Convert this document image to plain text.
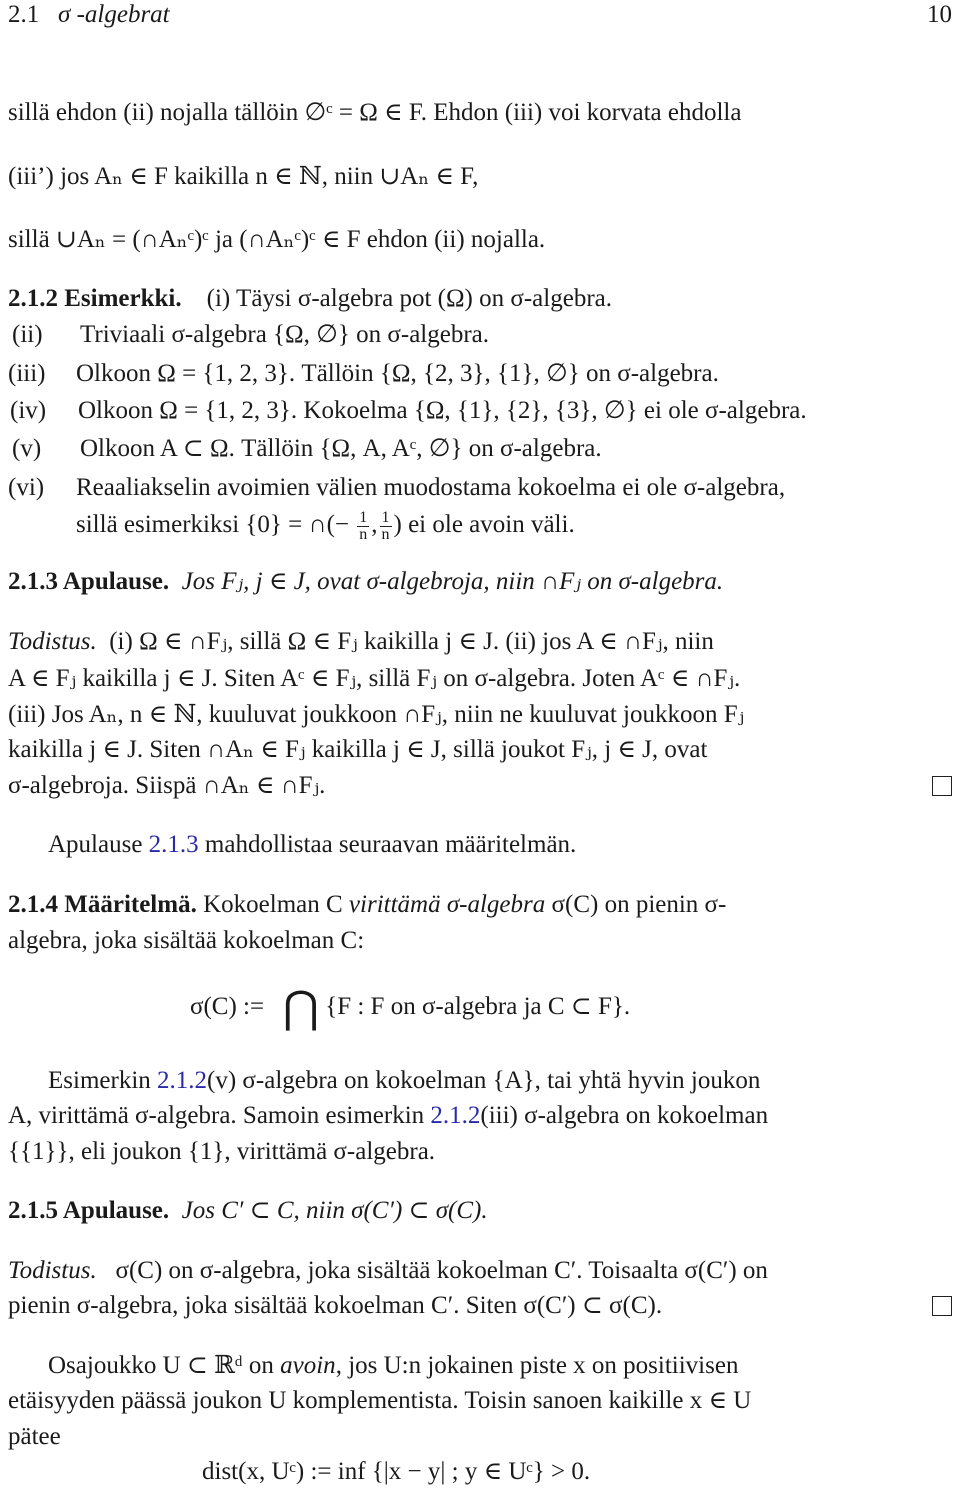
2.1 σ -algebrat	10
sillä ehdon (ii) nojalla tällöin ∅ᶜ = Ω ∈ F. Ehdon (iii) voi korvata ehdolla
(iii’) jos Aₙ ∈ F kaikilla n ∈ ℕ, niin ∪Aₙ ∈ F,
sillä ∪Aₙ = (∩Aₙᶜ)ᶜ ja (∩Aₙᶜ)ᶜ ∈ F ehdon (ii) nojalla.
2.1.2 Esimerkki. (i) Täysi σ-algebra pot (Ω) on σ-algebra.
(ii) Triviaali σ-algebra {Ω, ∅} on σ-algebra.
(iii) Olkoon Ω = {1, 2, 3}. Tällöin {Ω, {2, 3}, {1}, ∅} on σ-algebra.
(iv) Olkoon Ω = {1, 2, 3}. Kokoelma {Ω, {1}, {2}, {3}, ∅} ei ole σ-algebra.
(v) Olkoon A ⊂ Ω. Tällöin {Ω, A, Aᶜ, ∅} on σ-algebra.
(vi) Reaaliakselin avoimien välien muodostama kokoelma ei ole σ-algebra,
sillä esimerkiksi {0} = ∩(− $\frac{1}{n}$ , $\frac{1}{n}$ ) ei ole avoin väli.
2.1.3 Apulause. Jos Fⱼ, j ∈ J, ovat σ-algebroja, niin ∩Fⱼ on σ-algebra.
Todistus. (i) Ω ∈ ∩Fⱼ, sillä Ω ∈ Fⱼ kaikilla j ∈ J. (ii) jos A ∈ ∩Fⱼ, niin
A ∈ Fⱼ kaikilla j ∈ J. Siten Aᶜ ∈ Fⱼ, sillä Fⱼ on σ-algebra. Joten Aᶜ ∈ ∩Fⱼ.
(iii) Jos Aₙ, n ∈ ℕ, kuuluvat joukkoon ∩Fⱼ, niin ne kuuluvat joukkoon Fⱼ
kaikilla j ∈ J. Siten ∩Aₙ ∈ Fⱼ kaikilla j ∈ J, sillä joukot Fⱼ, j ∈ J, ovat
σ-algebroja. Siispä ∩Aₙ ∈ ∩Fⱼ.
Apulause 2.1.3 mahdollistaa seuraavan määritelmän.
2.1.4 Määritelmä. Kokoelman C virittämä σ-algebra σ(C) on pienin σ-
algebra, joka sisältää kokoelman C:
σ(C) := ⋂ {F : F on σ-algebra ja C ⊂ F}.
Esimerkin 2.1.2(v) σ-algebra on kokoelman {A}, tai yhtä hyvin joukon
A, virittämä σ-algebra. Samoin esimerkin 2.1.2(iii) σ-algebra on kokoelman
{{1}}, eli joukon {1}, virittämä σ-algebra.
2.1.5 Apulause. Jos C′ ⊂ C, niin σ(C′) ⊂ σ(C).
Todistus. σ(C) on σ-algebra, joka sisältää kokoelman C′. Toisaalta σ(C′) on
pienin σ-algebra, joka sisältää kokoelman C′. Siten σ(C′) ⊂ σ(C).
Osajoukko U ⊂ ℝᵈ on avoin, jos U:n jokainen piste x on positiivisen
etäisyyden päässä joukon U komplementista. Toisin sanoen kaikille x ∈ U
pätee
dist(x, Uᶜ) := inf {|x − y| ; y ∈ Uᶜ} > 0.
